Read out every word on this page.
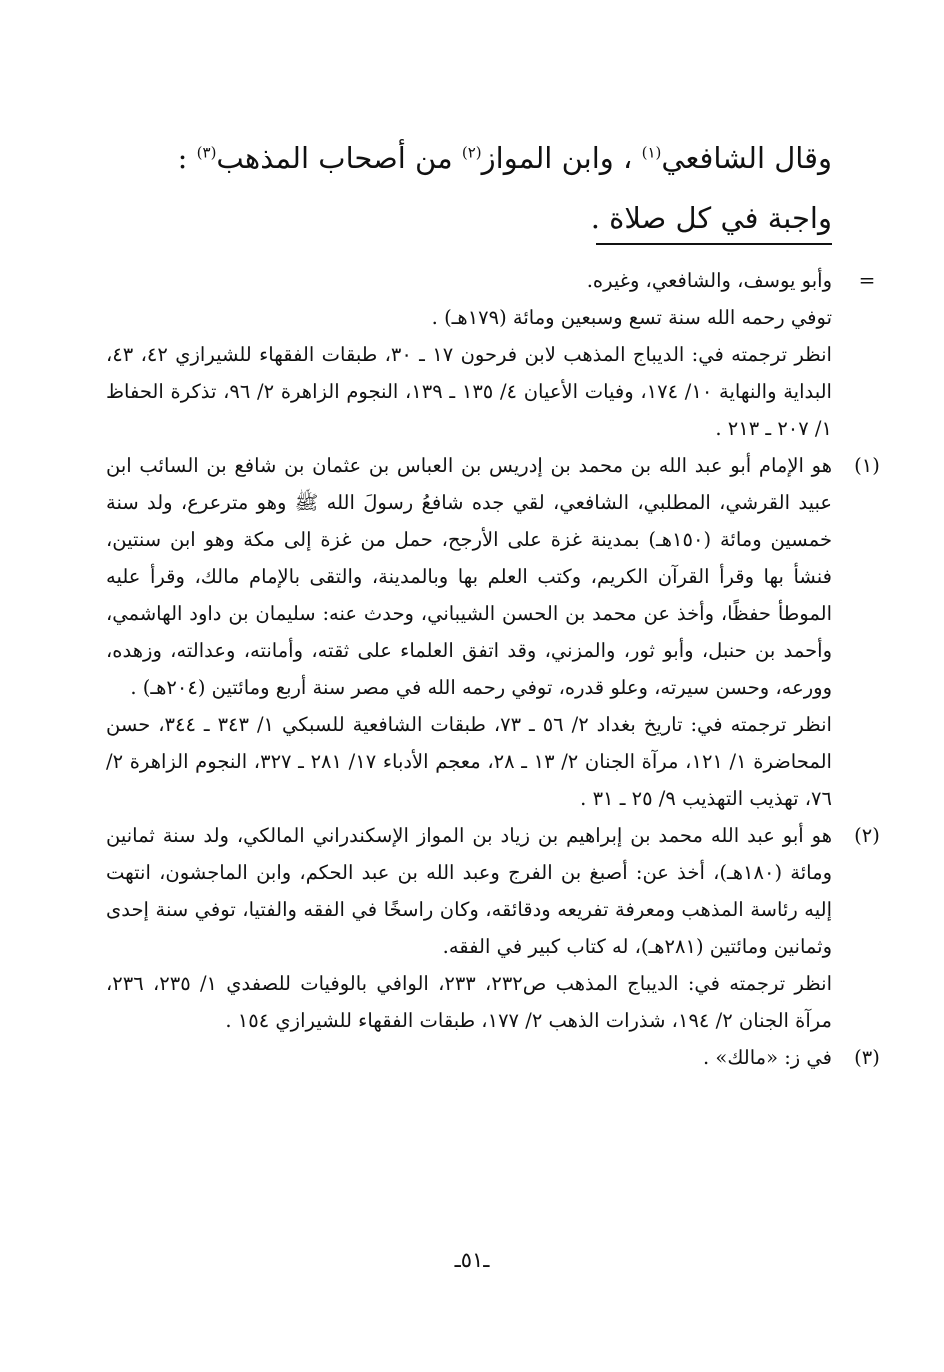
وقال الشافعي$^{(١)}$ ، وابن المواز$^{(٢)}$ من أصحاب المذهب$^{(٣)}$ : واجبة في كل صلاة .

=

وأبو يوسف، والشافعي، وغيره.

توفي رحمه الله سنة تسع وسبعين ومائة (١٧٩هـ) .

انظر ترجمته في: الديباج المذهب لابن فرحون ١٧ ـ ٣٠، طبقات الفقهاء للشيرازي ٤٢، ٤٣، البداية والنهاية ١٠/ ١٧٤، وفيات الأعيان ٤/ ١٣٥ ـ ١٣٩، النجوم الزاهرة ٢/ ٩٦، تذكرة الحفاظ ١/ ٢٠٧ ـ ٢١٣ .

(١)

هو الإمام أبو عبد الله بن محمد بن إدريس بن العباس بن عثمان بن شافع بن السائب ابن عبيد القرشي، المطلبي، الشافعي، لقي جده شافعُ رسولَ الله ﷺ وهو مترعرع، ولد سنة خمسين ومائة (١٥٠هـ) بمدينة غزة على الأرجح، حمل من غزة إلى مكة وهو ابن سنتين، فنشأ بها وقرأ القرآن الكريم، وكتب العلم بها وبالمدينة، والتقى بالإمام مالك، وقرأ عليه الموطأ حفظًا، وأخذ عن محمد بن الحسن الشيباني، وحدث عنه: سليمان بن داود الهاشمي، وأحمد بن حنبل، وأبو ثور، والمزني، وقد اتفق العلماء على ثقته، وأمانته، وعدالته، وزهده، وورعه، وحسن سيرته، وعلو قدره، توفي رحمه الله في مصر سنة أربع ومائتين (٢٠٤هـ) .

انظر ترجمته في: تاريخ بغداد ٢/ ٥٦ ـ ٧٣، طبقات الشافعية للسبكي ١/ ٣٤٣ ـ ٣٤٤، حسن المحاضرة ١/ ١٢١، مرآة الجنان ٢/ ١٣ ـ ٢٨، معجم الأدباء ١٧/ ٢٨١ ـ ٣٢٧، النجوم الزاهرة ٢/ ٧٦، تهذيب التهذيب ٩/ ٢٥ ـ ٣١ .

(٢)

هو أبو عبد الله محمد بن إبراهيم بن زياد بن المواز الإسكندراني المالكي، ولد سنة ثمانين ومائة (١٨٠هـ)، أخذ عن: أصبغ بن الفرج وعبد الله بن عبد الحكم، وابن الماجشون، انتهت إليه رئاسة المذهب ومعرفة تفريعه ودقائقه، وكان راسخًا في الفقه والفتيا، توفي سنة إحدى وثمانين ومائتين (٢٨١هـ)، له كتاب كبير في الفقه.

انظر ترجمته في: الديباج المذهب ص٢٣٢، ٢٣٣، الوافي بالوفيات للصفدي ١/ ٢٣٥، ٢٣٦، مرآة الجنان ٢/ ١٩٤، شذرات الذهب ٢/ ١٧٧، طبقات الفقهاء للشيرازي ١٥٤ .

(٣)

في ز: «مالك» .

ـ٥١ـ
